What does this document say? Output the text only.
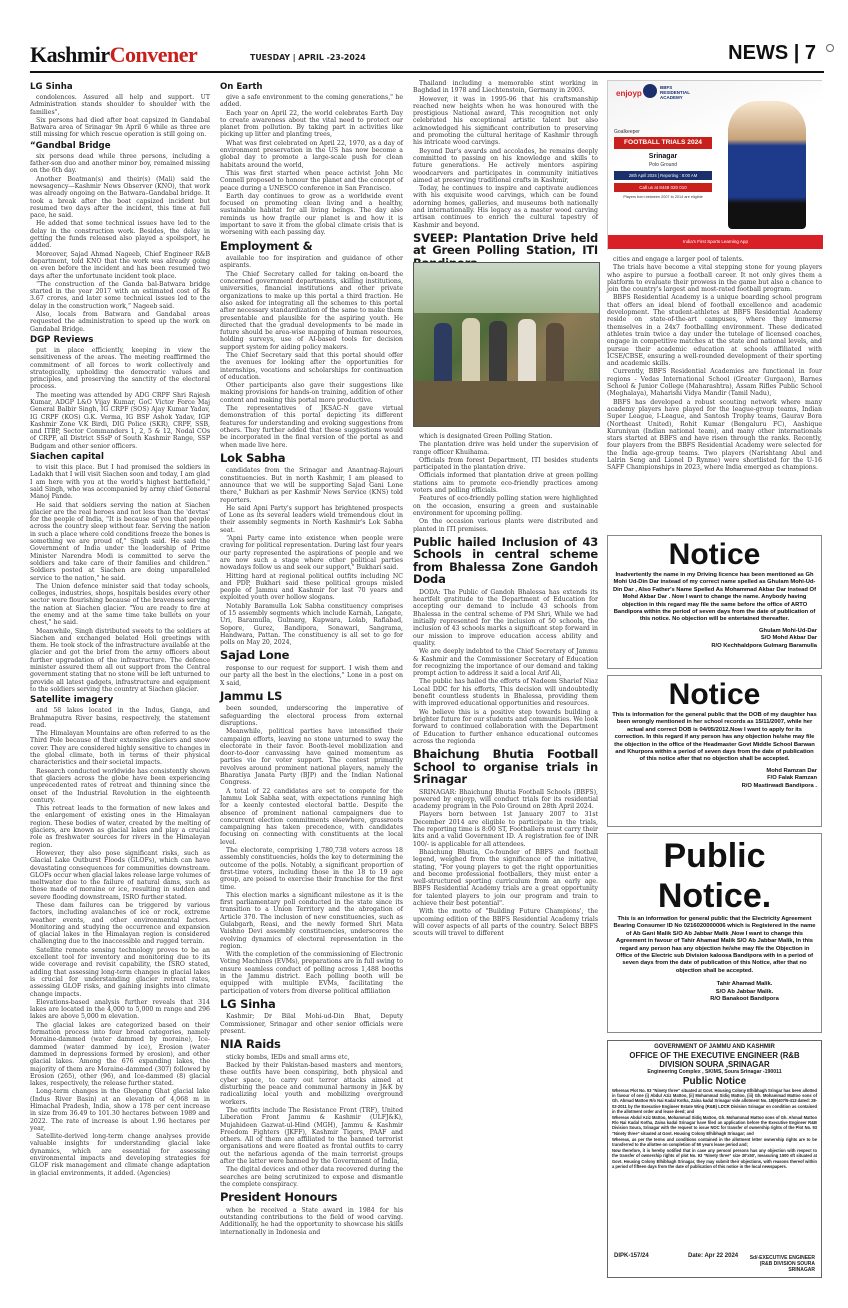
KashmirConvener	TUESDAY | APRIL -23-2024	NEWS | 7
LG Sinha

condolences. Assured all help and support. UT Administration stands shoulder to shoulder with the families",

Six persons had died after boat capsized in Gandabal Batwara area of Srinagar 9n April 6 while as three are still missing for which rescue operation is still going on.

“Gandbal Bridge

six persons dead while three persons, including a father-son duo and another minor boy, remained missing on the 6th day.

Another Boatman(s) and their(s) (Mali) said the newsagency—Kashmir News Observer (KNO), that work was already ongoing on the Batwara–Gandabal bridge. It took a break after the boat capsized incident but resumed two days after the incident, this time at full pace, he said.

He added that some technical issues have led to the delay in the construction work. Besides, the delay in getting the funds released also played a spoilsport, he added.

Moreover, Sajad Ahmad Nageeb, Chief Engineer R&B department, told KNO that the work was already going on even before the incident and has been resumed two days after the unfortunate incident took place.

“The construction of the Ganda bal-Batwara bridge started in the year 2017 with an estimated cost of Rs 3.67 crores, and later some technical issues led to the delay in the construction work,” Nageeb said.

Also, locals from Batwara and Gandabal areas requested the administration to speed up the work on Gandabal Bridge.

DGP Reviews

put in place efficiently, keeping in view the sensitiveness of the areas. The meeting reaffirmed the commitment of all forces to work collectively and strategically, upholding the democratic values and principles, and preserving the sanctity of the electoral process.

The meeting was attended by ADG CRPF Shri Rajesh Kumar, ADGP L&O Vijay Kumar, GoC Victor Force Maj General Balbir Singh, IG CRPF (SOS) Ajay Kumar Yadav, IG CRPF (KOS) G.K. Verma, IG BSF Ashok Yadav, IGP Kashmir Zone V.K Birdi, DIG Police (SKR), CRPF, SSB, and ITBP, Sector Commanders 1, 2, 5 & 12, Nodal COs of CRPF, all District SSsP of South Kashmir Range, SSP Budgam and other senior officers.

Siachen capital

to visit this place. But I had promised the soldiers in Ladakh that I will visit Siachen soon and today, I am glad I am here with you at the world's highest battlefield," said Singh, who was accompanied by army chief General Manoj Pande.

He said that soldiers serving the nation at Siachen glacier are the real heroes and not less than the 'devtas' for the people of India, "It is because of you that people across the country sleep without fear. Serving the nation in such a place where cold conditions freeze the bones is something we are proud of," Singh said. He said the Government of India under the leadership of Prime Minister Narendra Modi is committed to serve the soldiers and take care of their families and children." Soldiers posted at Siachen are doing unparalleled service to the nation," he said.

The Union defence minister said that today schools, colleges, industries, shops, hospitals besides every other sector were flourishing because of the braveness serving the nation at Siachen glacier. "You are ready to fire at the enemy and at the same time take bullets on your chest," he said.

Meanwhile, Singh distributed sweets to the soldiers at Siachen and exchanged belated Holi greetings with them. He took stock of the infrastructure available at the glacier and got the brief from the army officers about further upgradation of the infrastructure. The defence minister assured them all out support from the Central government stating that no stone will be left unturned to provide all latest gadgets, infrastructure and equipment to the soldiers serving the country at Siachen glacier.

Satellite imagery

and 58 lakes located in the Indus, Ganga, and Brahmaputra River basins, respectively, the statement read.

The Himalayan Mountains are often referred to as the Third Pole because of their extensive glaciers and snow cover. They are considered highly sensitive to changes in the global climate, both in terms of their physical characteristics and their societal impacts.

Research conducted worldwide has consistently shown that glaciers across the globe have been experiencing unprecedented rates of retreat and thinning since the onset of the Industrial Revolution in the eighteenth century.

This retreat leads to the formation of new lakes and the enlargement of existing ones in the Himalayan region. These bodies of water, created by the melting of glaciers, are known as glacial lakes and play a crucial role as freshwater sources for rivers in the Himalayan region.

However, they also pose significant risks, such as Glacial Lake Outburst Floods (GLOFs), which can have devastating consequences for communities downstream. GLOFs occur when glacial lakes release large volumes of meltwater due to the failure of natural dams, such as those made of moraine or ice, resulting in sudden and severe flooding downstream, ISRO further stated.

These dam failures can be triggered by various factors, including avalanches of ice or rock, extreme weather events, and other environmental factors. Monitoring and studying the occurrence and expansion of glacial lakes in the Himalayan region is considered challenging due to the inaccessible and rugged terrain.

Satellite remote sensing technology proves to be an excellent tool for inventory and monitoring due to its wide coverage and revisit capability, the ISRO stated, adding that assessing long-term changes in glacial lakes is crucial for understanding glacier retreat rates, assessing GLOF risks, and gaining insights into climate change impacts.

Elevations-based analysis further reveals that 314 lakes are located in the 4,000 to 5,000 m range and 296 lakes are above 5,000 m elevation.

The glacial lakes are categorized based on their formation process into four broad categories, namely Moraine-dammed (water dammed by moraine), Ice-dammed (water dammed by ice), Erosion (water dammed in depressions formed by erosion), and other glacial lakes. Among the 676 expanding lakes, the majority of them are Moraine-dammed (307) followed by Erosion (265), other (96), and Ice-dammed (8) glacial lakes, respectively, the release further stated.

Long-term changes in the Ghepang Ghat glacial lake (Indus River Basin) at an elevation of 4,068 m in Himachal Pradesh, India, show a 178 per cent increase in size from 36.49 to 101.30 hectares between 1989 and 2022. The rate of increase is about 1.96 hectares per year,

Satellite-derived long-term change analyses provide valuable insights for understanding glacial lake dynamics, which are essential for assessing environmental impacts and developing strategies for GLOF risk management and climate change adaptation in glacial environments, it added. (Agencies)

On Earth

give a safe environment to the coming generations," he added.

Each year on April 22, the world celebrates Earth Day to create awareness about the vital need to protect our planet from pollution. By taking part in activities like picking up litter and planting trees,

What was first celebrated on April 22, 1970, as a day of environment preservation in the US has now become a global day to promote a large-scale push for clean habitats around the world,

This was first started when peace activist John Mc Connell proposed to honour the planet and the concept of peace during a UNESCO conference in San Francisco.

Earth day continues to grow as a worldwide event focused on promoting clean living and a healthy, sustainable habitat for all living beings. The day also reminds us how fragile our planet is and how it is important to save it from the global climate crisis that is worsening with each passing day.

Employment &

available too for inspiration and guidance of other aspirants.

The Chief Secretary called for taking on-board the concerned government departments, skilling institutions, universities, financial institutions and other private organizations to make up this portal a third fraction. He also asked for integrating all the schemes to this portal after necessary standardization of the same to make them presentable and plausible for the aspiring youth. He directed that the gradual developments to be made in future should be area-wise mapping of human resources, holding surveys, use of AI-based tools for decision support system for aiding policy makers.

The Chief Secretary said that this portal should offer the avenues for looking after the opportunities for internships, vocations and scholarships for continuation of education.

Other participants also gave their suggestions like making provisions for hands-on training, addition of other content and making this portal more productive.

The representatives of JKSAC-N gave virtual demonstration of this portal depicting its different features for understanding and evoking suggestions from others. They further added that these suggestions would be incorporated in the final version of the portal as and when made live here.

Lok Sabha

candidates from the Srinagar and Anantnag-Rajouri constituencies. But in north Kashmir, I am pleased to announce that we will be supporting Sajad Gani Lone there," Bukhari as per Kashmir News Service (KNS) told reporters.

He said Apni Party's support has brightened prospects of Lone as its several leaders wield tremendous clout in their assembly segments in North Kashmir's Lok Sabha seat.

“Apni Party came into existence when people were craving for political representation. During last four years our party represented the aspirations of people and we are now such a stage where other political parties nowadays follow us and seek our support," Bukhari said.

Hitting hard at regional political outfits including NC and PDP, Bukhari said these political groups misled people of Jammu and Kashmir for last 70 years and exploited youth over hollow slogans.

Notably Baramulla Lok Sabha constituency comprises of 15 assembly segments which include Karnah, Langate, Uri, Baramulla, Gulmarg, Kupwara, Lolab, Rafiabad, Sopore, Gurez, Bandipora, Sonawari, Sangrama, Handwara, Pattan. The constituency is all set to go for polls on May 20, 2024,

Sajad Lone

response to our request for support. I wish them and our party all the best in the elections," Lone in a post on X said,

Jammu LS

been sounded, underscoring the imperative of safeguarding the electoral process from external disruptions.

Meanwhile, political parties have intensified their campaign efforts, leaving no stone unturned to sway the electorate in their favor. Booth-level mobilization and door-to-door canvassing have gained momentum as parties vie for voter support. The contest primarily revolves around prominent national players, namely the Bharatiya Janata Party (BJP) and the Indian National Congress.

A total of 22 candidates are set to compete for the Jammu Lok Sabha seat, with expectations running high for a keenly contested electoral battle. Despite the absence of prominent national campaigners due to concurrent election commitments elsewhere, grassroots campaigning has taken precedence, with candidates focusing on connecting with constituents at the local level.

The electorate, comprising 1,780,738 voters across 18 assembly constituencies, holds the key to determining the outcome of the polls. Notably, a significant proportion of first-time voters, including those in the 18 to 19 age group, are poised to exercise their franchise for the first time.

This election marks a significant milestone as it is the first parliamentary poll conducted in the state since its transition to a Union Territory and the abrogation of Article 370. The inclusion of new constituencies, such as Gulabgarh, Reasi, and the newly formed Shri Mata Vaishno Devi assembly constituencies, underscores the evolving dynamics of electoral representation in the region.

With the completion of the commissioning of Electronic Voting Machines (EVMs), preparations are in full swing to ensure seamless conduct of polling across 1,488 booths in the Jammu district. Each polling booth will be equipped with multiple EVMs, facilitating the participation of voters from diverse political affiliation

LG Sinha

Kashmir; Dr Bilal Mohi-ud-Din Bhat, Deputy Commissioner, Srinagar and other senior officials were present.

NIA Raids

sticky bombs, IEDs and small arms etc,

Backed by their Pakistan-based masters and mentors, these outfits have been conspiring, both physical and cyber space, to carry out terror attacks aimed at disturbing the peace and communal harmony in J&K by radicalizing local youth and mobilizing overground workers.

The outfits include The Resistance Front (TRF), United Liberation Front Jammu & Kashmir (ULFJ&K), Mujahideen Gazwat-ul-Hind (MGH), Jammu & Kashmir Freedom Fighters (JKFF), Kashmir Tigers, PAAF and others. All of them are affiliated to the banned terrorist organisations and were floated as frontal outfits to carry out the nefarious agenda of the main terrorist groups after the latter were banned by the Government of India,

The digital devices and other data recovered during the searches are being scrutinized to expose and dismantle the complete conspiracy.

President Honours

when he received a State award in 1984 for his outstanding contributions to the field of wood carving. Additionally, he had the opportunity to showcase his skills internationally in Indonesia and

Thailand including a memorable stint working in Baghdad in 1978 and Liechtenstein, Germany in 2003.

However, it was in 1995-96 that his craftsmanship reached new heights when he was honoured with the prestigious National award, This recognition not only celebrated his exceptional artistic talent but also acknowledged his significant contribution to preserving and promoting the cultural heritage of Kashmir through his intricate wood carvings.

Beyond Dar's awards and accolades, he remains deeply committed to passing on his knowledge and skills to future generations. He actively mentors aspiring woodcarvers and participates in community initiatives aimed at preserving traditional crafts in Kashmir,

Today, he continues to inspire and captivate audiences with his exquisite wood carvings, which can be found adorning homes, galleries, and museums both nationally and internationally. His legacy as a master wood carving artisan continues to enrich the cultural tapestry of Kashmir and beyond.

SVEEP: Plantation Drive held at Green Polling Station, ITI

which is designated Green Polling Station.

The plantation drive was held under the supervision of range officer Khuihama.

Officials from forest Department, ITI besides students participated in the plantation drive.

Officials informed that plantation drive at green polling stations aim to promote eco-friendly practices among voters and polling officials.

Features of eco-friendly polling station were highlighted on the occasion, ensuring a green and sustainable environment for upcoming polling.

On the occasion various plants were distributed and planted in ITI premises.

Public hailed Inclusion of 43 Schools in central scheme from Bhalessa Zone Gandoh Doda

DODA: The Public of Gandoh Bhalessa has extends its heartfelt gratitude to the Department of Education for accepting our demand to include 43 schools from Bhalessa in the central scheme of PM Shri, While we had initially represented for the inclusion of 50 schools, the inclusion of 43 schools marks a significant step forward in our mission to improve education access ability and quality.

We are deeply indebted to the Chief Secretary of Jammu & Kashmir and the Commissioner Secretary of Education for recognizing the importance of our demand and taking prompt action to address it said a local Arif Ali,

The public has hailed the efforts of Nadeem Sharief Niaz Local DDC for his efforts, This decision will undoubtedly benefit countless students in Bhalessa, providing them with improved educational opportunities and resources.

We believe this is a positive step towards building a brighter future for our students and communities. We look forward to continued collaboration with the Department of Education to further enhance educational outcomes across the regionda

Bhaichung Bhutia Football School to organise trials in Srinagar

SRINAGAR: Bhaichung Bhutia Football Schools (BBFS), powered by enjoyp, will conduct trials for its residential academy program in the Polo Ground on 28th April 2024.

Players born between 1st January 2007 to 31st December 2014 are eligible to participate in the trials, The reporting time is 8:00 ST, Footballers must carry their kits and a valid Government ID. A registration fee of INR 100/- is applicable for all attendees.

Bhaichung Bhutia, Co-founder of BBFS and football legend, weighed from the significance of the initiative, stating, "For young players to get the right opportunities and become professional footballers, they must enter a well-structured sporting curriculum from an early age. BBFS Residential Academy trials are a great opportunity for talented players to join our program and train to achieve their best potential".

With the motto of "Building Future Champions', the upcoming edition of the BBFS Residential Academy trials will cover aspects of all parts of the country. Select BBFS scouts will travel to different

enjoyp
BBFS RESIDENTIAL ACADEMY
Goalkeeper
FOOTBALL TRIALS 2024
Srinagar
Polo Ground
28th April 2024 | Reporting : 8:00 AM
Call us at 8448 020 010
Players born between 2007 to 2014 are eligible
India's First Sports Learning App

cities and engage a larger pool of talents.

The trials have become a vital stepping stone for young players who aspire to pursue a football career. It not only gives them a platform to evaluate their prowess in the game but also a chance to join the country's largest and most-rated football program.

BBFS Residential Academy is a unique boarding school program that offers an ideal blend of football excellence and academic development. The student-athletes at BBFS Residential Academy reside on state-of-the-art campuses, where they immerse themselves in a 24x7 footballing environment. These dedicated athletes train twice a day under the tutelage of licensed coaches, engage in competitive matches at the state and national levels, and pursue their academic education at schools affiliated with ICSE/CBSE, ensuring a well-rounded development of their sporting and academic skills.

Currently, BBFS Residential Academies are functional in four regions - Vedas International School (Greater Gurgaon), Barnes School & Junior College (Maharashtra), Assam Rifles Public School (Meghalaya), Maharishi Vidya Mandir (Tamil Nadu),

BBFS has developed a robust scouting network where many academy players have played for the league-group teams, Indian Super League, I-League, and Santosh Trophy teams, Gaurav Bora (Northeast United), Rohit Kumar (Bengaluru FC), Aashique Kuruniyan (Indian national team), and many other internationals stars started at BBFS and have risen through the ranks. Recently, four players from the BBFS Residential Academy were selected for the India age-group teams. Two players (Narishtang Abul and Lalrin Seng and Lionel D Rynme) were shortlisted for the U-16 SAFF Championships in 2023, where India emerged as champions.

Notice
Inadvertently the name in my Driving licence has been mentioned as Gh Mohi Ud-Din Dar instead of my correct name spelled as Ghulam Mohi-Ud-Din Dar , Also Father's Name Spelled As Mohammad Akbar Dar instead Of Mohd Akbar Dar . Now I want to change the name. Anybody having objection in this regard may file the same before the office of ARTO Bandipora within the period of seven days from the date of publication of this notice. No objection will be entertained thereafter.
Ghulam Mohi-Ud-Dar
S/O Mohd Akbar Dar
R/O Kechhaldpora Gulmarg Baramulla
Notice
This is information for the general public that the DOB of my daughter has been wrongly mentioned in her school records as 15/11/2007, while her actual and correct DOB is 04/05/2012.Now I want to apply for its correction. In this regard if any person has any objection he/she may file the objection in the office of the Headmaster Govt Middle School Barwan and Khurpora within a period of seven days from the date of publication of this notice after that no objection shall be accepted.
Mohd Ramzan Dar
F/O Falak Ramzan
R/O Mastirwadi Bandipora .
Public Notice.
This is an information for general public that the Electricity Agreement Bearing Consumer ID No 0216020000006 which is Registered in the name of Ab Gani Malik S/O Ab Jabbar Malik ,Now I want to change this Agreement in favour of Tahir Ahamad Malik S/O Ab Jabbar Malik, In this regard any person has any objection he/she may file the Objection in Office of the Electric sub Division kaloosa Bandipora with in a period of seven days from the date of publication of this Notice, after that no objection shall be accepted.
Tahir Ahamad Malik.
S/O Ab Jabbar Malik.
R/O Banakoot Bandipora
GOVERNMENT OF JAMMU AND KASHMIR
OFFICE OF THE EXECUTIVE ENGINEER (R&B DIVISION SOURA ,SRINAGAR
Engineering Complex , SKIMS, Soura Srinagar -190011
Public Notice
Whereas Plot No. 93 "Ninety three" situated at Govt. Housing Colony Elhibhagh Sringar has been allotted in favour of one (i) Abdul Aziz Mattoo, (ii) Mohammad Sidiq Mattoo, (iii) Gh. Mohammad Mattoo sons of Gh. Ahmad Mattoo R/o Nai Kadal Kotha, Zaina kadal Srinagar vide allotment No. 18(9)407/5-413 dated: 28-02-2011 by the Executive Engineer Estate Wing (R&B) LDCR Division Srinagar on condition as contained in the allotment order and lease deed; and
Whereas Abdul Aziz Mattoo, Mohammad Sidiq Mattoo, Gh. Mohammad Mattoo sons of Gh. Ahmad Mattoo R/o Nai Kadal Kotha, Zaina kadal Srinagar have filed an application before the Executive Engineer R&B Division Soura, Srinagar with the request to issue NOC for transfer of ownership rights of the Plot No. 93 "Ninety three" situated at Govt. Housing Colony Elhibhagh Srinagar; and
Whereas, as per the terms and conditions contained in the allotment letter ownership rights are to be transferred to the allottee on completion of 50 years lease period and;
Now therefore, it is hereby notified that in case any person/ persons has any objection with respect to the transfer of ownership rights of plot No. 93 "Ninety three" size 30'x50', measuring 1500 sft situated at Govt. Housing Colony Elhibhagh Srinagar, they may submit their objections, with reasons thereof within a period of fifteen days from the date of publication of this notice in the local newspapers.
DIPK-157/24	Date: Apr 22 2024 Sd/-EXECUTIVE ENGINEER
(R&B DIVISION SOURA
SRINAGAR
